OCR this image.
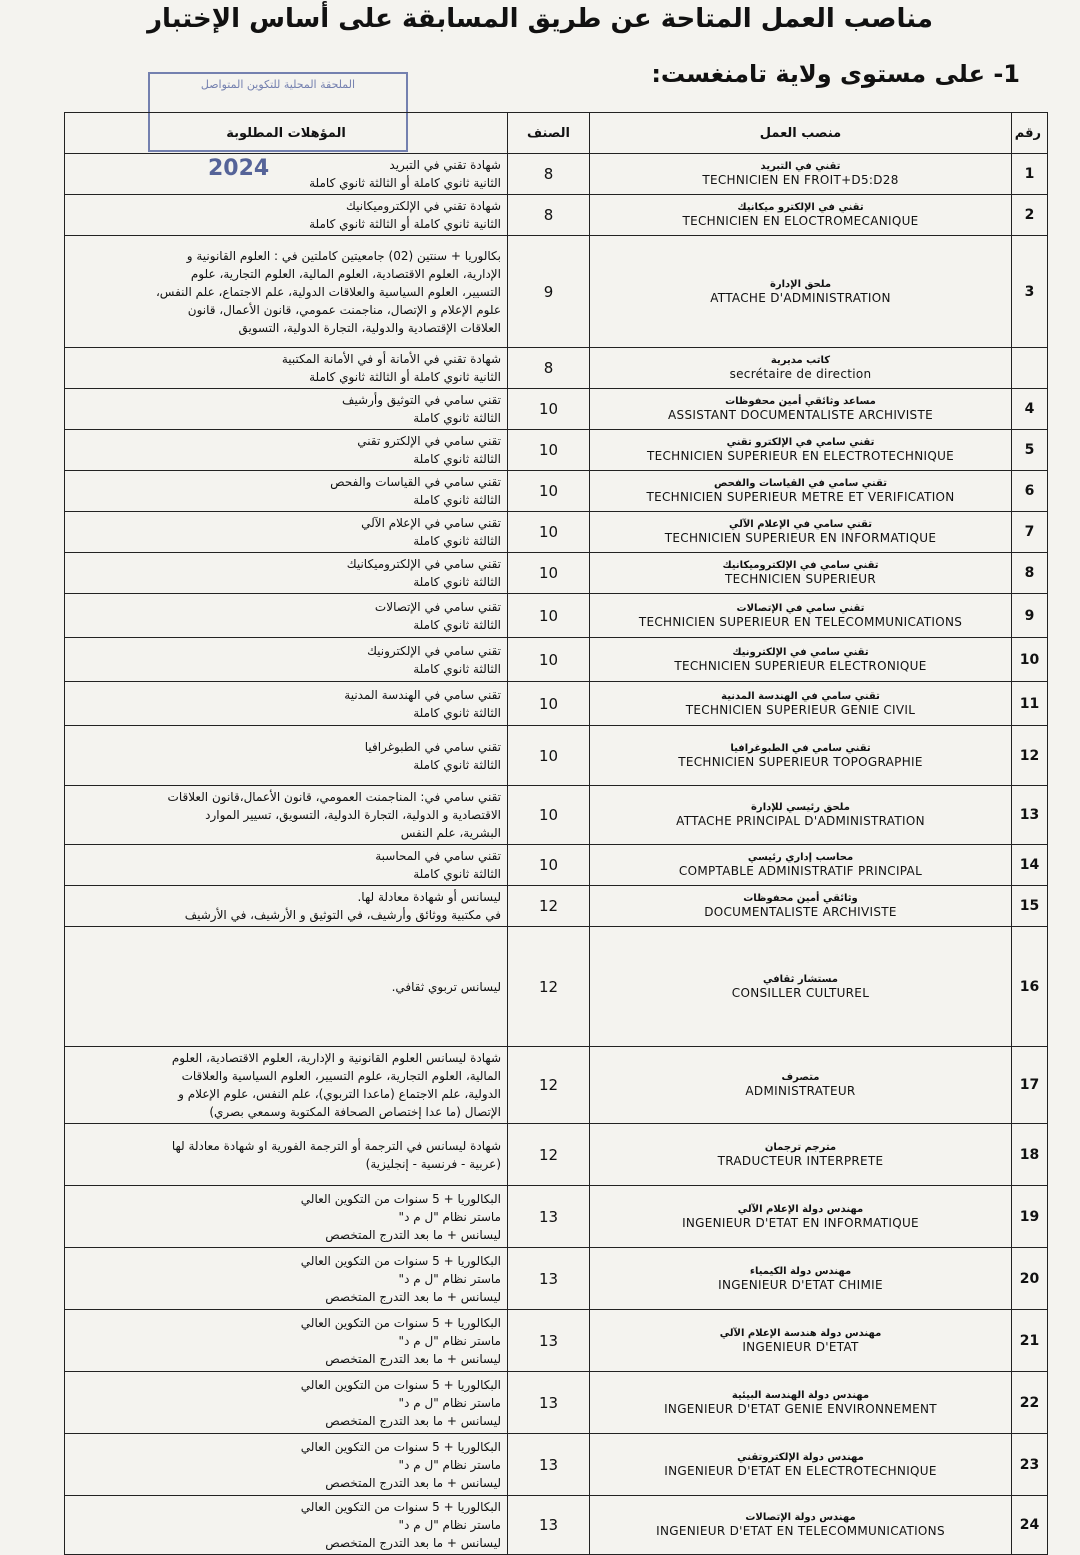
مناصب العمل المتاحة عن طريق المسابقة على أساس الإختبار
1- على مستوى ولاية تامنغست:
الملحقة المحلية للتكوين المتواصل
2024
رقم	منصب العمل	الصنف	المؤهلات المطلوبة
1	تقني في التبريد
TECHNICIEN EN FROIT+D5:D28	8	شهادة تقني في التبريد
الثانية ثانوي كاملة أو الثالثة ثانوي كاملة

2	تقني في الإلكترو ميكانيك
TECHNICIEN EN ELOCTROMECANIQUE	8	شهادة تقني في الإلكتروميكانيك
الثانية ثانوي كاملة أو الثالثة ثانوي كاملة

3	ملحق الإدارة
ATTACHE D'ADMINISTRATION	9	بكالوريا + سنتين (02) جامعيتين كاملتين في : العلوم القانونية و
الإدارية، العلوم الاقتصادية، العلوم المالية، العلوم التجارية، علوم
التسيير، العلوم السياسية والعلاقات الدولية، علم الاجتماع، علم النفس،
علوم الإعلام و الإتصال، مناجمنت عمومي، قانون الأعمال، قانون
العلاقات الإقتصادية والدولية، التجارة الدولية، التسويق

	كاتب مديرية
secrétaire de direction	8	شهادة تقني في الأمانة أو في الأمانة المكتبية
الثانية ثانوي كاملة أو الثالثة ثانوي كاملة

4	مساعد وثائقي أمين محفوظات
ASSISTANT DOCUMENTALISTE ARCHIVISTE	10	تقني سامي في التوثيق وأرشيف
الثالثة ثانوي كاملة

5	تقني سامي في الإلكترو تقني
TECHNICIEN SUPERIEUR EN ELECTROTECHNIQUE	10	تقني سامي في الإلكترو تقني
الثالثة ثانوي كاملة

6	تقني سامي في القياسات والفحص
TECHNICIEN SUPERIEUR METRE ET VERIFICATION	10	تقني سامي في القياسات والفحص
الثالثة ثانوي كاملة

7	تقني سامي في الإعلام الآلي
TECHNICIEN SUPERIEUR EN INFORMATIQUE	10	تقني سامي في الإعلام الآلي
الثالثة ثانوي كاملة

8	تقني سامي في الإلكتروميكانيك
TECHNICIEN SUPERIEUR	10	تقني سامي في الإلكتروميكانيك
الثالثة ثانوي كاملة

9	تقني سامي في الإتصالات
TECHNICIEN SUPERIEUR EN TELECOMMUNICATIONS	10	تقني سامي في الإتصالات
الثالثة ثانوي كاملة

10	تقني سامي في الإلكترونيك
TECHNICIEN SUPERIEUR ELECTRONIQUE	10	تقني سامي في الإلكترونيك
الثالثة ثانوي كاملة

11	تقني سامي في الهندسة المدنية
TECHNICIEN SUPERIEUR GENIE CIVIL	10	تقني سامي في الهندسة المدنية
الثالثة ثانوي كاملة

12	تقني سامي في الطبوغرافيا
TECHNICIEN SUPERIEUR TOPOGRAPHIE	10	تقني سامي في الطبوغرافيا
الثالثة ثانوي كاملة

13	ملحق رئيسي للإدارة
ATTACHE PRINCIPAL D'ADMINISTRATION	10	تقني سامي في: المناجمنت العمومي، قانون الأعمال،قانون العلاقات
الاقتصادية و الدولية، التجارة الدولية، التسويق، تسيير الموارد
البشرية، علم النفس

14	محاسب إداري رئيسي
COMPTABLE ADMINISTRATIF PRINCIPAL	10	تقني سامي في المحاسبة
الثالثة ثانوي كاملة

15	وثائقي أمين محفوظات
DOCUMENTALISTE ARCHIVISTE	12	ليسانس أو شهادة معادلة لها.
في مكتبية ووثائق وأرشيف، في التوثيق و الأرشيف، في الأرشيف

16	مستشار ثقافي
CONSILLER CULTUREL	12	ليسانس تربوي ثقافي.

17	متصرف
ADMINISTRATEUR	12	شهادة ليسانس العلوم القانونية و الإدارية، العلوم الاقتصادية، العلوم
المالية، العلوم التجارية، علوم التسيير، العلوم السياسية والعلاقات
الدولية، علم الاجتماع (ماعدا التربوي)، علم النفس، علوم الإعلام و
الإتصال (ما عدا إختصاص الصحافة المكتوبة وسمعي بصري)

18	مترجم ترجمان
TRADUCTEUR INTERPRETE	12	شهادة ليسانس في الترجمة أو الترجمة الفورية او شهادة معادلة لها
(عربية - فرنسية - إنجليزية)

19	مهندس دولة الإعلام الآلي
INGENIEUR D'ETAT EN INFORMATIQUE	13	البكالوريا + 5 سنوات من التكوين العالي
ماستر نظام "ل م د"
ليسانس + ما بعد التدرج المتخصص

20	مهندس دولة الكيمياء
INGENIEUR D'ETAT CHIMIE	13	البكالوريا + 5 سنوات من التكوين العالي
ماستر نظام "ل م د"
ليسانس + ما بعد التدرج المتخصص

21	مهندس دولة هندسة الإعلام الآلي
INGENIEUR D'ETAT	13	البكالوريا + 5 سنوات من التكوين العالي
ماستر نظام "ل م د"
ليسانس + ما بعد التدرج المتخصص

22	مهندس دولة الهندسة البيئية
INGENIEUR D'ETAT GENIE ENVIRONNEMENT	13	البكالوريا + 5 سنوات من التكوين العالي
ماستر نظام "ل م د"
ليسانس + ما بعد التدرج المتخصص

23	مهندس دولة الإلكتروتقني
INGENIEUR D'ETAT EN ELECTROTECHNIQUE	13	البكالوريا + 5 سنوات من التكوين العالي
ماستر نظام "ل م د"
ليسانس + ما بعد التدرج المتخصص

24	مهندس دولة الإتصالات
INGENIEUR D'ETAT EN TELECOMMUNICATIONS	13	البكالوريا + 5 سنوات من التكوين العالي
ماستر نظام "ل م د"
ليسانس + ما بعد التدرج المتخصص
